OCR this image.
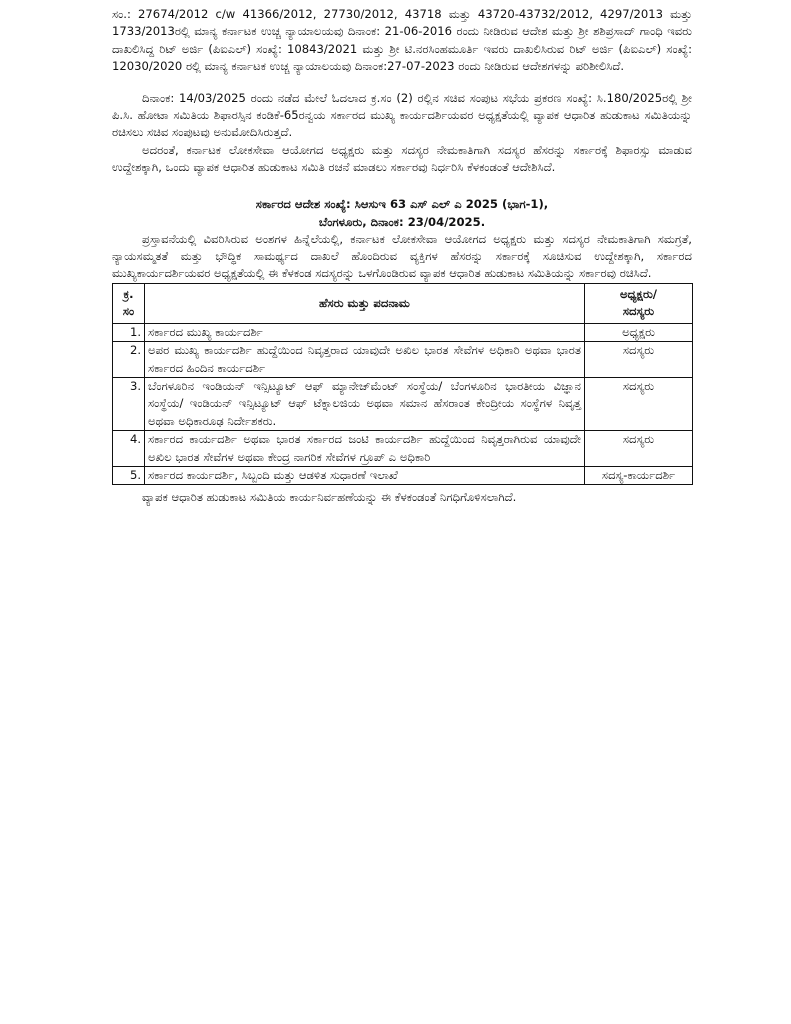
ಸಂ.: 27674/2012 c/w 41366/2012, 27730/2012, 43718 ಮತ್ತು 43720-43732/2012, 4297/2013 ಮತ್ತು 1733/2013ರಲ್ಲಿ ಮಾನ್ಯ ಕರ್ನಾಟಕ ಉಚ್ಚ ನ್ಯಾಯಾಲಯವು ದಿನಾಂಕ: 21-06-2016 ರಂದು ನೀಡಿರುವ ಆದೇಶ ಮತ್ತು ಶ್ರೀ ಶಶಿಪ್ರಸಾದ್ ಗಾಂಧಿ ಇವರು ದಾಖಲಿಸಿದ್ದ ರಿಟ್ ಅರ್ಜಿ (ಪಿಐಎಲ್) ಸಂಖ್ಯೆ: 10843/2021 ಮತ್ತು ಶ್ರೀ ಟಿ.ನರಸಿಂಹಮೂರ್ತಿ ಇವರು ದಾಖಲಿಸಿರುವ ರಿಟ್ ಅರ್ಜಿ (ಪಿಐಎಲ್) ಸಂಖ್ಯೆ: 12030/2020 ರಲ್ಲಿ ಮಾನ್ಯ ಕರ್ನಾಟಕ ಉಚ್ಚ ನ್ಯಾಯಾಲಯವು ದಿನಾಂಕ:27-07-2023 ರಂದು ನೀಡಿರುವ ಆದೇಶಗಳನ್ನು ಪರಿಶೀಲಿಸಿದೆ.

ದಿನಾಂಕ: 14/03/2025 ರಂದು ನಡೆದ ಮೇಲೆ ಓದಲಾದ ಕ್ರ.ಸಂ (2) ರಲ್ಲಿನ ಸಚಿವ ಸಂಪುಟ ಸಭೆಯ ಪ್ರಕರಣ ಸಂಖ್ಯೆ: ಸಿ.180/2025ರಲ್ಲಿ ಶ್ರೀ ಪಿ.ಸಿ. ಹೋಟಾ ಸಮಿತಿಯ ಶಿಫಾರಸ್ಸಿನ ಕಂಡಿಕೆ-65ರನ್ವಯ ಸರ್ಕಾರದ ಮುಖ್ಯ ಕಾರ್ಯದರ್ಶಿಯವರ ಅಧ್ಯಕ್ಷತೆಯಲ್ಲಿ ವ್ಯಾಪಕ ಆಧಾರಿತ ಹುಡುಕಾಟ ಸಮಿತಿಯನ್ನು ರಚಿಸಲು ಸಚಿವ ಸಂಪುಟವು ಅನುಮೋದಿಸಿರುತ್ತದೆ.

ಅದರಂತೆ, ಕರ್ನಾಟಕ ಲೋಕಸೇವಾ ಆಯೋಗದ ಅಧ್ಯಕ್ಷರು ಮತ್ತು ಸದಸ್ಯರ ನೇಮಕಾತಿಗಾಗಿ ಸದಸ್ಯರ ಹೆಸರನ್ನು ಸರ್ಕಾರಕ್ಕೆ ಶಿಫಾರಸ್ಸು ಮಾಡುವ ಉದ್ದೇಶಕ್ಕಾಗಿ, ಒಂದು ವ್ಯಾಪಕ ಆಧಾರಿತ ಹುಡುಕಾಟ ಸಮಿತಿ ರಚನೆ ಮಾಡಲು ಸರ್ಕಾರವು ನಿರ್ಧರಿಸಿ ಕೆಳಕಂಡಂತೆ ಆದೇಶಿಸಿದೆ.

ಸರ್ಕಾರದ ಆದೇಶ ಸಂಖ್ಯೆ: ಸಿಆಸುಇ 63 ಎಸ್ ಎಲ್ ಎ 2025 (ಭಾಗ-1),

ಬೆಂಗಳೂರು, ದಿನಾಂಕ: 23/04/2025.

ಪ್ರಸ್ತಾವನೆಯಲ್ಲಿ ವಿವರಿಸಿರುವ ಅಂಶಗಳ ಹಿನ್ನೆಲೆಯಲ್ಲಿ, ಕರ್ನಾಟಕ ಲೋಕಸೇವಾ ಆಯೋಗದ ಅಧ್ಯಕ್ಷರು ಮತ್ತು ಸದಸ್ಯರ ನೇಮಕಾತಿಗಾಗಿ ಸಮಗ್ರತೆ, ನ್ಯಾಯಸಮ್ಮತತೆ ಮತ್ತು ಭೌದ್ಧಿಕ ಸಾಮರ್ಥ್ಯದ ದಾಖಲೆ ಹೊಂದಿರುವ ವ್ಯಕ್ತಿಗಳ ಹೆಸರನ್ನು ಸರ್ಕಾರಕ್ಕೆ ಸೂಚಿಸುವ ಉದ್ದೇಶಕ್ಕಾಗಿ, ಸರ್ಕಾರದ ಮುಖ್ಯಕಾರ್ಯದರ್ಶಿಯವರ ಅಧ್ಯಕ್ಷತೆಯಲ್ಲಿ ಈ ಕೆಳಕಂಡ ಸದಸ್ಯರನ್ನು ಒಳಗೊಂಡಿರುವ ವ್ಯಾಪಕ ಆಧಾರಿತ ಹುಡುಕಾಟ ಸಮಿತಿಯನ್ನು ಸರ್ಕಾರವು ರಚಿಸಿದೆ.

ಕ್ರ.
ಸಂ	ಹೆಸರು ಮತ್ತು ಪದನಾಮ	ಅಧ್ಯಕ್ಷರು/
ಸದಸ್ಯರು

1.	ಸರ್ಕಾರದ ಮುಖ್ಯ ಕಾರ್ಯದರ್ಶಿ	ಅಧ್ಯಕ್ಷರು
2.	ಅಪರ ಮುಖ್ಯ ಕಾರ್ಯದರ್ಶಿ ಹುದ್ದೆಯಿಂದ ನಿವೃತ್ತರಾದ ಯಾವುದೇ ಅಖಿಲ ಭಾರತ ಸೇವೆಗಳ ಅಧಿಕಾರಿ ಅಥವಾ ಭಾರತ ಸರ್ಕಾರದ ಹಿಂದಿನ ಕಾರ್ಯದರ್ಶಿ	ಸದಸ್ಯರು
3.	ಬೆಂಗಳೂರಿನ ಇಂಡಿಯನ್ ಇನ್ಸಿಟ್ಯೂಟ್ ಆಫ್ ಮ್ಯಾನೇಜ್‌ಮೆಂಟ್ ಸಂಸ್ಥೆಯ/ ಬೆಂಗಳೂರಿನ ಭಾರತೀಯ ವಿಜ್ಞಾನ ಸಂಸ್ಥೆಯ/ ಇಂಡಿಯನ್ ಇನ್ಸಿಟ್ಯೂಟ್ ಆಫ್ ಟೆಕ್ನಾಲಜಿಯ ಅಥವಾ ಸಮಾನ ಹೆಸರಾಂತ ಕೇಂದ್ರೀಯ ಸಂಸ್ಥೆಗಳ ನಿವೃತ್ತ ಅಥವಾ ಅಧಿಕಾರೂಢ ನಿರ್ದೇಶಕರು.	ಸದಸ್ಯರು
4.	ಸರ್ಕಾರದ ಕಾರ್ಯದರ್ಶಿ ಅಥವಾ ಭಾರತ ಸರ್ಕಾರದ ಜಂಟಿ ಕಾರ್ಯದರ್ಶಿ ಹುದ್ದೆಯಿಂದ ನಿವೃತ್ತರಾಗಿರುವ ಯಾವುದೇ ಅಖಿಲ ಭಾರತ ಸೇವೆಗಳ ಅಥವಾ ಕೇಂದ್ರ ನಾಗರಿಕ ಸೇವೆಗಳ ಗ್ರೂಪ್ ಎ ಅಧಿಕಾರಿ	ಸದಸ್ಯರು
5.	ಸರ್ಕಾರದ ಕಾರ್ಯದರ್ಶಿ, ಸಿಬ್ಬಂದಿ ಮತ್ತು ಆಡಳಿತ ಸುಧಾರಣೆ ಇಲಾಖೆ	ಸದಸ್ಯ-ಕಾರ್ಯದರ್ಶಿ

ವ್ಯಾಪಕ ಆಧಾರಿತ ಹುಡುಕಾಟ ಸಮಿತಿಯ ಕಾರ್ಯನಿರ್ವಹಣೆಯನ್ನು ಈ ಕೆಳಕಂಡಂತೆ ನಿಗಧಿಗೊಳಿಸಲಾಗಿದೆ.
